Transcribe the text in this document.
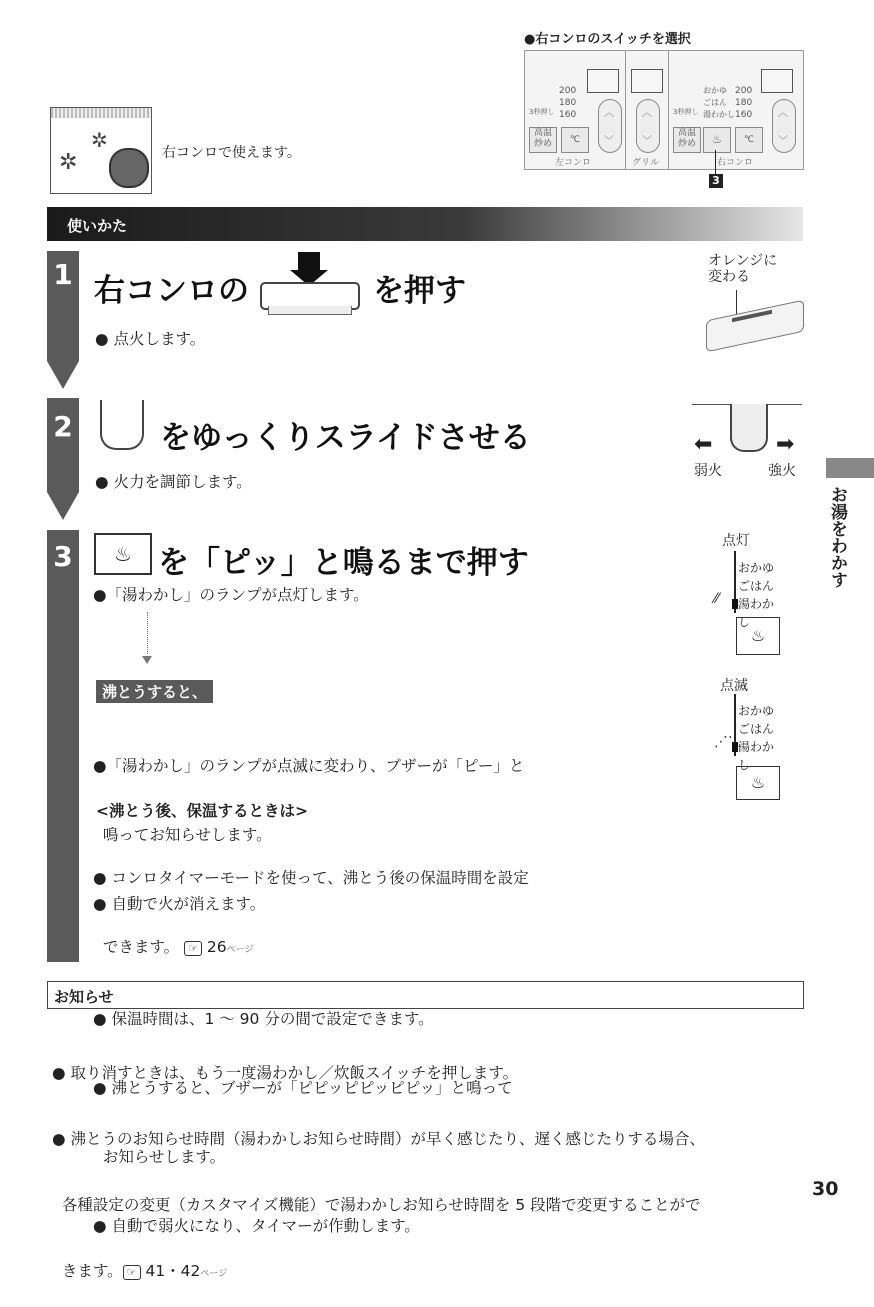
●右コンロのスイッチを選択
200
180
160
3秒押し
高温
炒め	℃
︿
﹀
左コンロ
︿
﹀
グリル
おかゆ
ごはん
湯わかし
200
180
160
3秒押し
高温
炒め	♨	℃
︿
﹀
右コンロ
3
✲
✲	右コンロで使えます。
使いかた
1 右コンロの	を押す
● 点火します。
オレンジに
変わる
2	をゆっくりスライドさせる
● 火力を調節します。
⬅	➡
弱火	強火
3	♨ を「ピッ」と鳴るまで押す
●「湯わかし」のランプが点灯します。
沸とうすると、

●「湯わかし」のランプが点滅に変わり、ブザーが「ピー」と

鳴ってお知らせします。

● 自動で火が消えます。

<沸とう後、保温するときは>

● コンロタイマーモードを使って、沸とう後の保温時間を設定

できます。 ☞ 26ページ

● 保温時間は、1 ～ 90 分の間で設定できます。

● 沸とうすると、ブザーが「ピピッピピッピピッ」と鳴って

お知らせします。

● 自動で弱火になり、タイマーが作動します。

点灯
おかゆ
ごはん
湯わかし
⁄⁄
♨
点滅
おかゆ
ごはん
湯わかし
⋰⋱
♨
お湯をわかす
お知らせ

● 取り消すときは、もう一度湯わかし／炊飯スイッチを押します。

● 沸とうのお知らせ時間（湯わかしお知らせ時間）が早く感じたり、遅く感じたりする場合、

各種設定の変更（カスタマイズ機能）で湯わかしお知らせ時間を 5 段階で変更することがで

きます。 ☞ 41・42ページ

30
